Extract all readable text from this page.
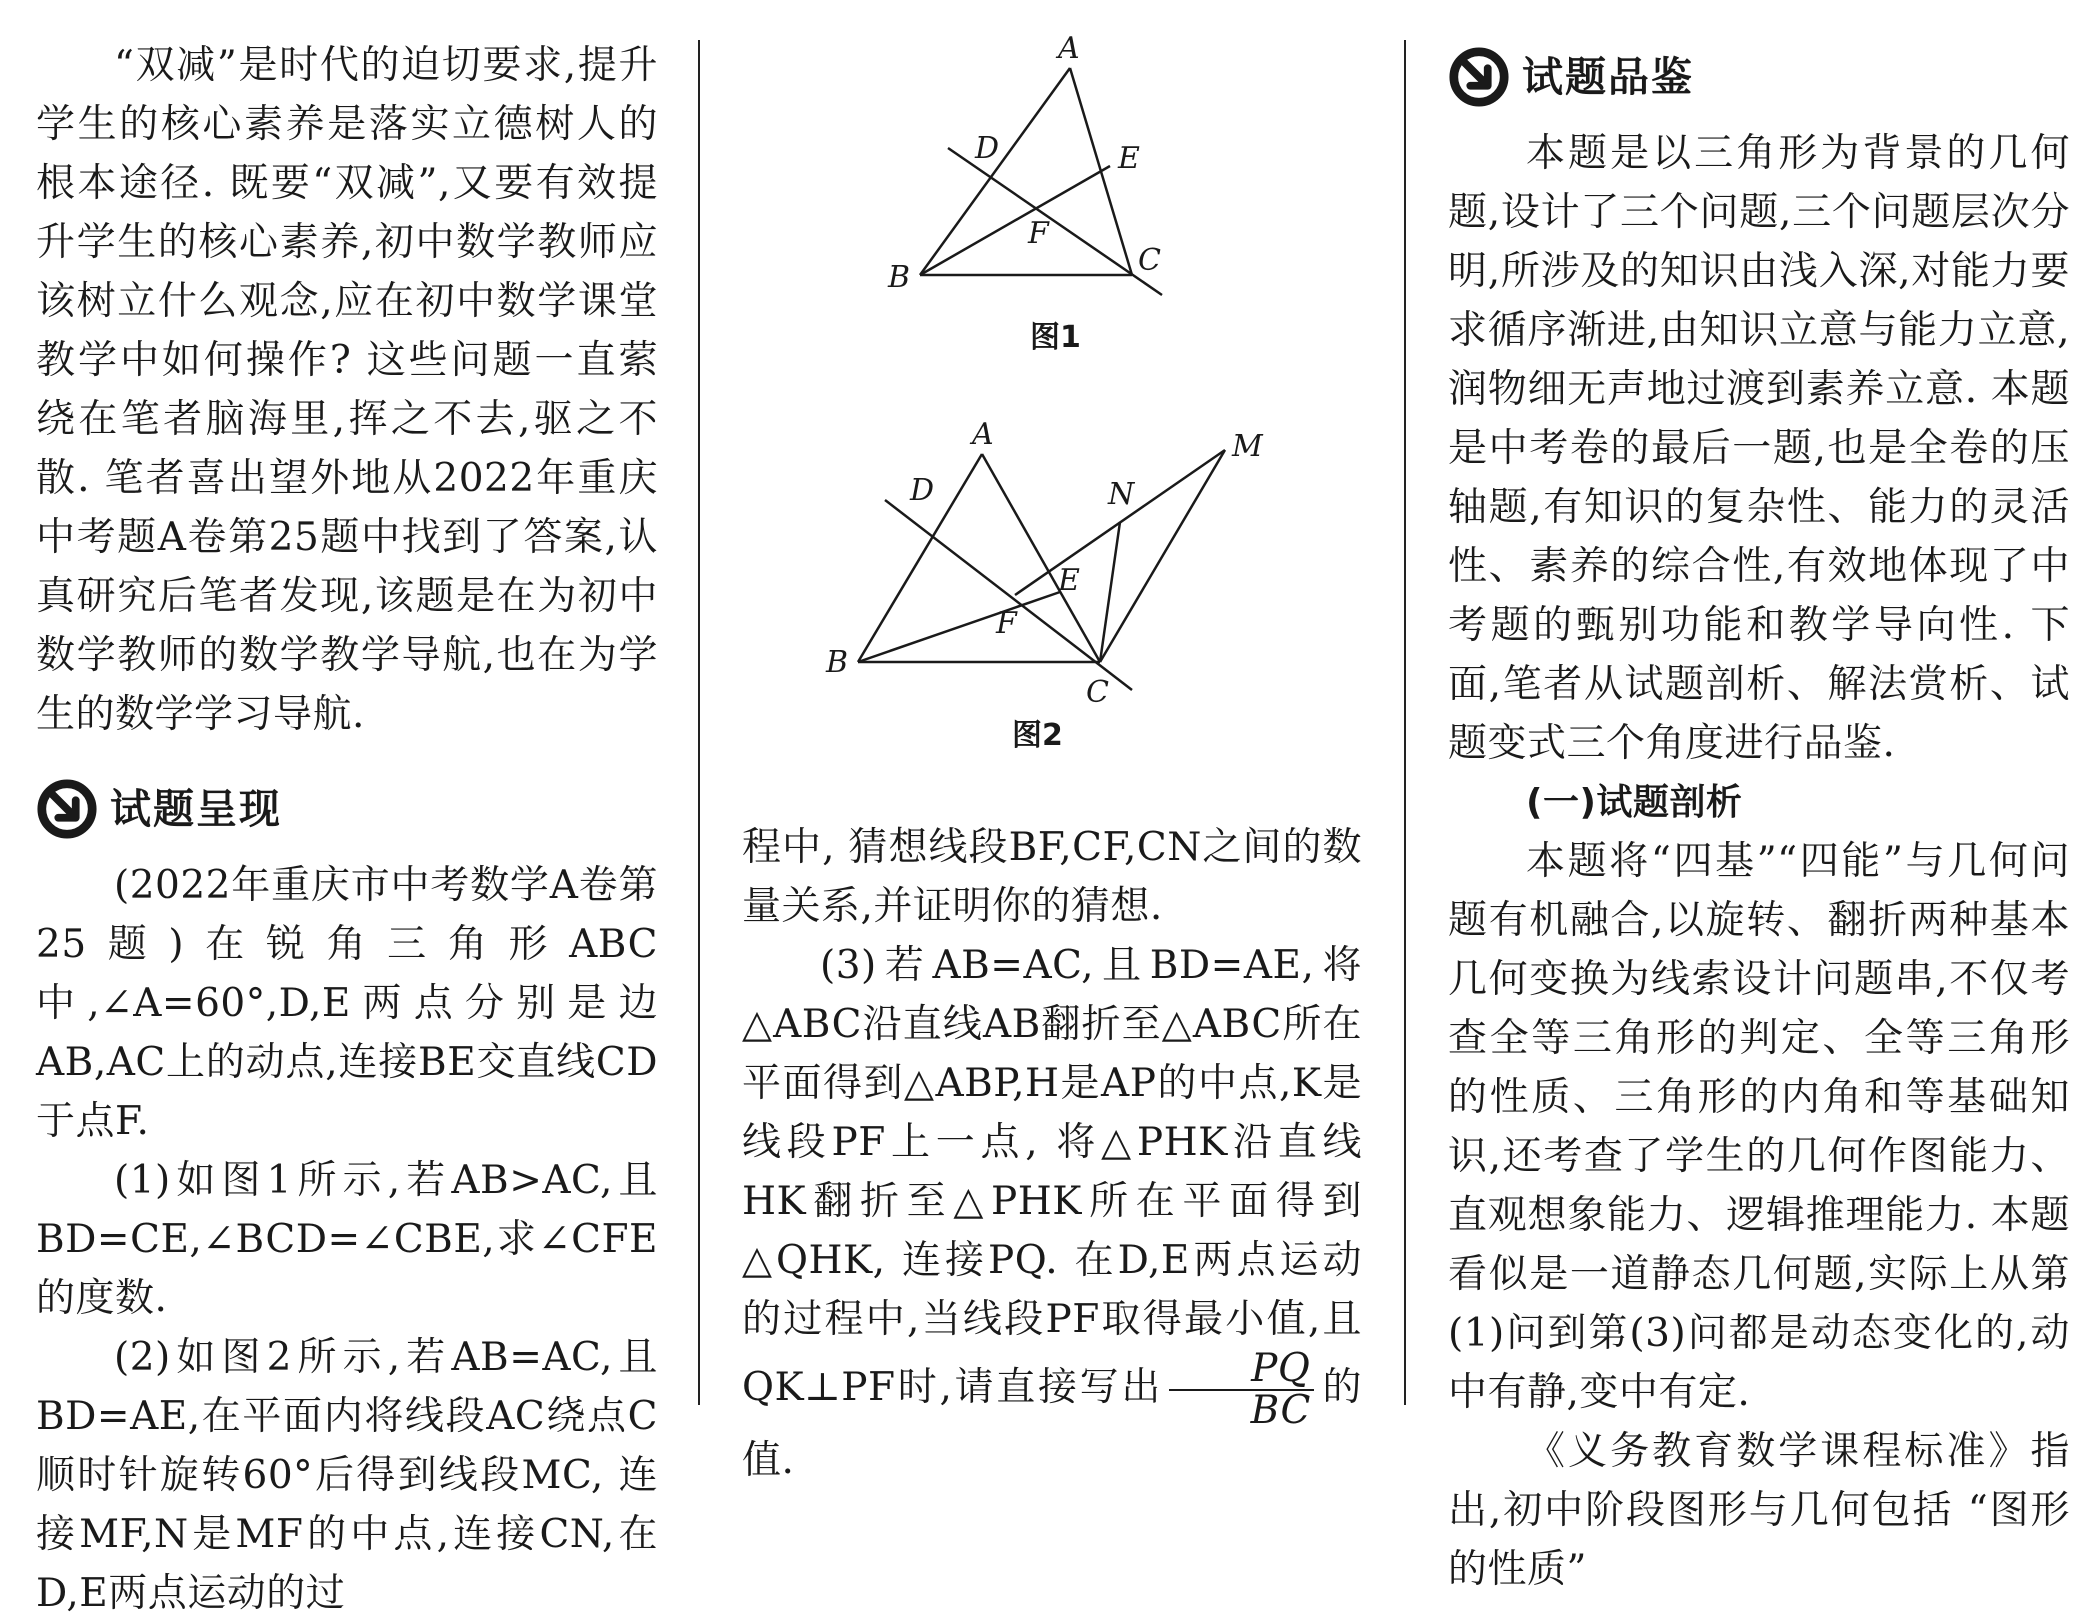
“双减”是时代的迫切要求,提升学生的核心素养是落实立德树人的根本途径. 既要“双减”,又要有效提升学生的核心素养,初中数学教师应该树立什么观念,应在初中数学课堂教学中如何操作? 这些问题一直萦绕在笔者脑海里,挥之不去,驱之不散. 笔者喜出望外地从2022年重庆中考题A卷第25题中找到了答案,认真研究后笔者发现,该题是在为初中数学教师的数学教学导航,也在为学生的数学学习导航.

试题呈现

(2022年重庆市中考数学A卷第25题)在锐角三角形ABC中,∠A=60°,D,E两点分别是边AB,AC上的动点,连接BE交直线CD于点F.

(1)如图1所示,若AB>AC,且BD=CE,∠BCD=∠CBE,求∠CFE的度数.

(2)如图2所示,若AB=AC,且BD=AE,在平面内将线段AC绕点C顺时针旋转60°后得到线段MC, 连接MF,N是MF的中点,连接CN,在D,E两点运动的过

A
B	C
D	E
F
图1
A
B
C
D
E
F
M
N
图2

程中, 猜想线段BF,CF,CN之间的数量关系,并证明你的猜想.

(3)若AB=AC,且BD=AE,将△ABC沿直线AB翻折至△ABC所在平面得到△ABP,H是AP的中点,K是线段PF上一点, 将△PHK沿直线HK翻折至△PHK所在平面得到△QHK, 连接PQ. 在D,E两点运动的过程中,当线段PF取得最小值,且QK⊥PF时,请直接写出 $\frac{PQ}{BC}$ 的值.

试题品鉴

本题是以三角形为背景的几何题,设计了三个问题,三个问题层次分明,所涉及的知识由浅入深,对能力要求循序渐进,由知识立意与能力立意,润物细无声地过渡到素养立意. 本题是中考卷的最后一题,也是全卷的压轴题,有知识的复杂性、能力的灵活性、素养的综合性,有效地体现了中考题的甄别功能和教学导向性. 下面,笔者从试题剖析、解法赏析、试题变式三个角度进行品鉴.

(一)试题剖析

本题将“四基”“四能”与几何问题有机融合,以旋转、翻折两种基本几何变换为线索设计问题串,不仅考查全等三角形的判定、全等三角形的性质、三角形的内角和等基础知识,还考查了学生的几何作图能力、直观想象能力、逻辑推理能力. 本题看似是一道静态几何题,实际上从第(1)问到第(3)问都是动态变化的,动中有静,变中有定.

《义务教育数学课程标准》指出,初中阶段图形与几何包括 “图形的性质”
